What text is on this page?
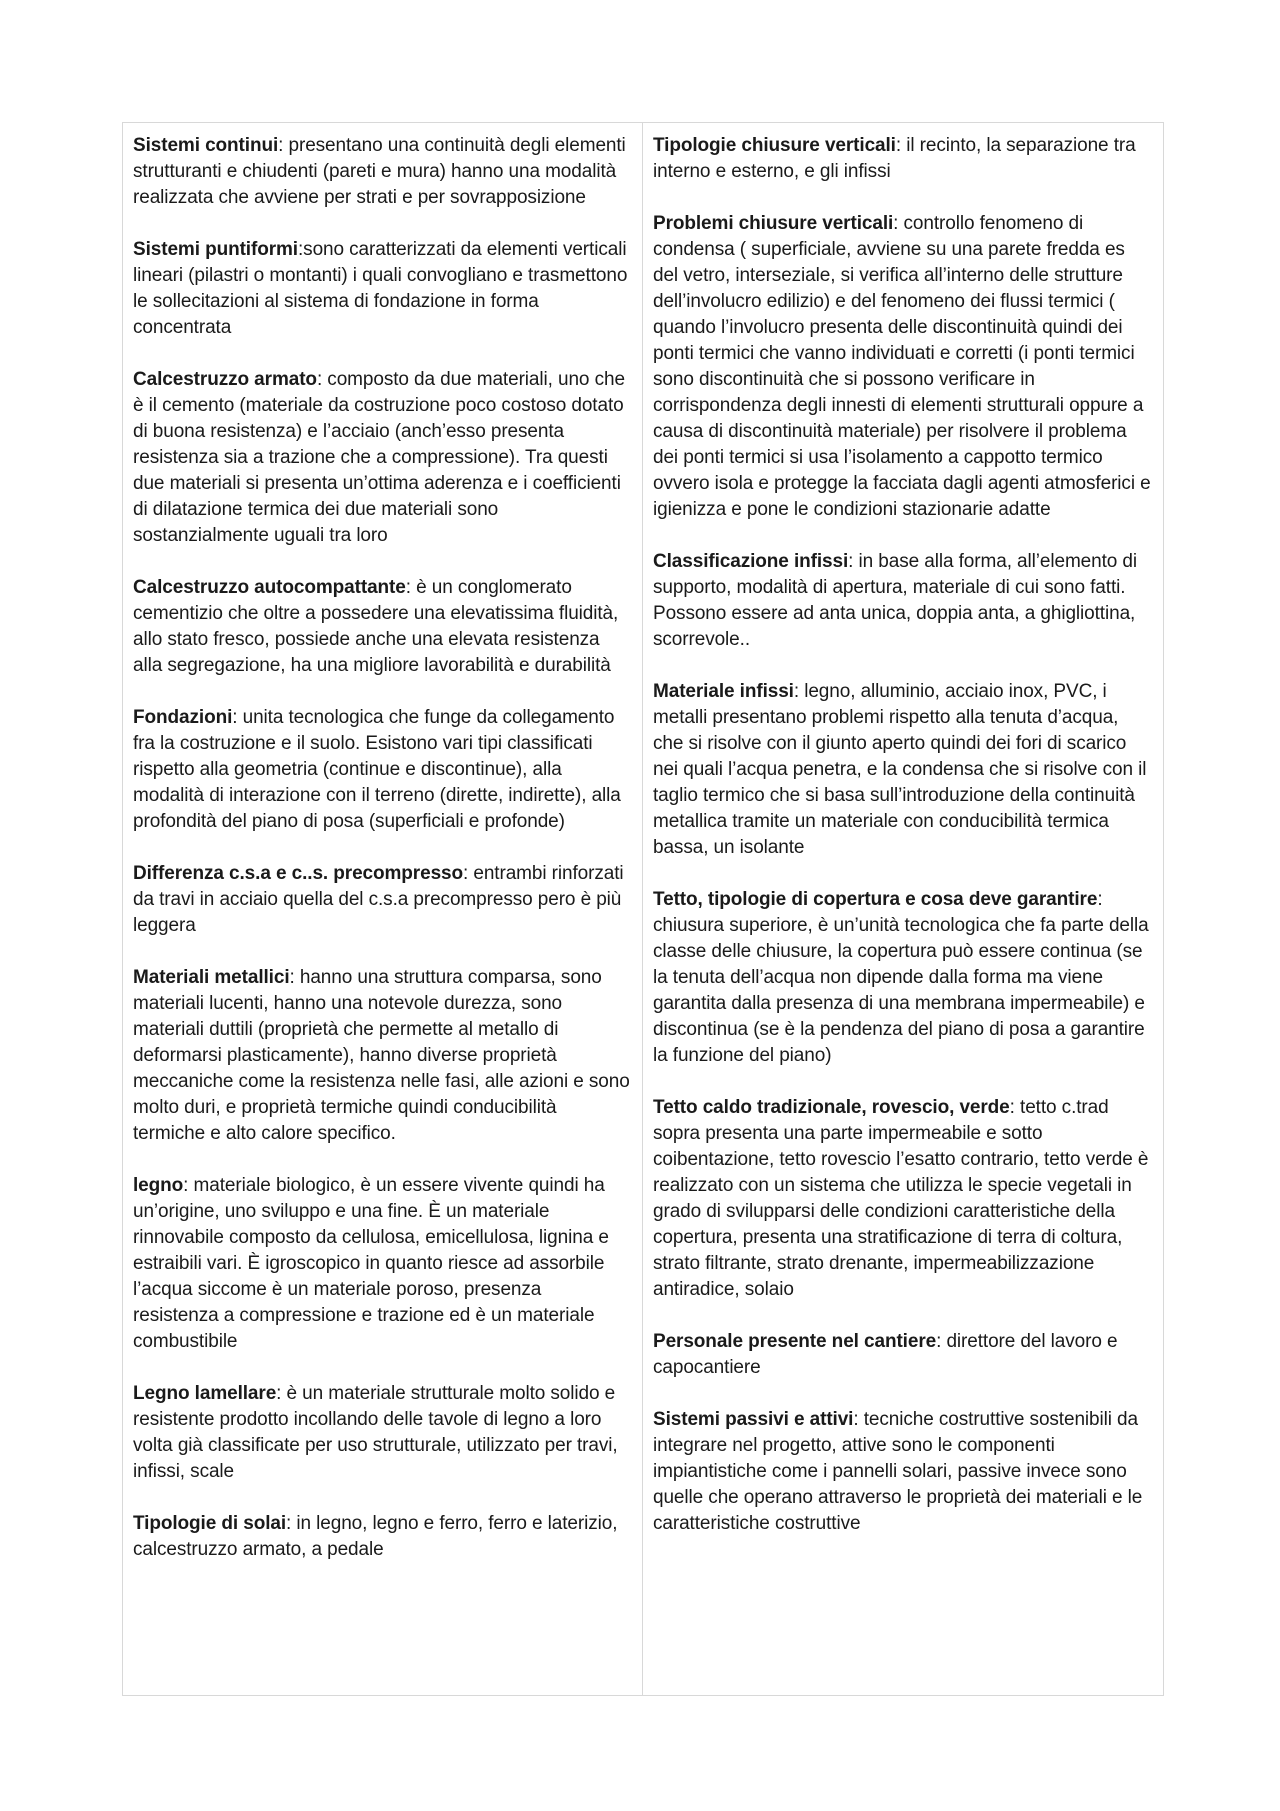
Sistemi continui: presentano una continuità degli elementi strutturanti e chiudenti (pareti e mura) hanno una modalità realizzata che avviene per strati e per sovrapposizione

Sistemi puntiformi:sono caratterizzati da elementi verticali lineari (pilastri o montanti) i quali convogliano e trasmettono le sollecitazioni al sistema di fondazione in forma concentrata

Calcestruzzo armato: composto da due materiali, uno che è il cemento (materiale da costruzione poco costoso dotato di buona resistenza) e l’acciaio (anch’esso presenta resistenza sia a trazione che a compressione). Tra questi due materiali si presenta un’ottima aderenza e i coefficienti di dilatazione termica dei due materiali sono sostanzialmente uguali tra loro

Calcestruzzo autocompattante: è un conglomerato cementizio che oltre a possedere una elevatissima fluidità, allo stato fresco, possiede anche una elevata resistenza alla segregazione, ha una migliore lavorabilità e durabilità

Fondazioni: unita tecnologica che funge da collegamento fra la costruzione e il suolo. Esistono vari tipi classificati rispetto alla geometria (continue e discontinue), alla modalità di interazione con il terreno (dirette, indirette), alla profondità del piano di posa (superficiali e profonde)

Differenza c.s.a e c..s. precompresso: entrambi rinforzati da travi in acciaio quella del c.s.a precompresso pero è più leggera

Materiali metallici: hanno una struttura comparsa, sono materiali lucenti, hanno una notevole durezza, sono materiali duttili (proprietà che permette al metallo di deformarsi plasticamente), hanno diverse proprietà meccaniche come la resistenza nelle fasi, alle azioni e sono molto duri, e proprietà termiche quindi conducibilità termiche e alto calore specifico.

legno: materiale biologico, è un essere vivente quindi ha un’origine, uno sviluppo e una fine. È un materiale rinnovabile composto da cellulosa, emicellulosa, lignina e estraibili vari. È igroscopico in quanto riesce ad assorbile l’acqua siccome è un materiale poroso, presenza resistenza a compressione e trazione ed è un materiale combustibile

Legno lamellare: è un materiale strutturale molto solido e resistente prodotto incollando delle tavole di legno a loro volta già classificate per uso strutturale, utilizzato per travi, infissi, scale

Tipologie di solai: in legno, legno e ferro, ferro e laterizio, calcestruzzo armato, a pedale

Tipologie chiusure verticali: il recinto, la separazione tra interno e esterno, e gli infissi

Problemi chiusure verticali: controllo fenomeno di condensa ( superficiale, avviene su una parete fredda es del vetro, interseziale, si verifica all’interno delle strutture dell’involucro edilizio) e del fenomeno dei flussi termici ( quando l’involucro presenta delle discontinuità quindi dei ponti termici che vanno individuati e corretti (i ponti termici sono discontinuità che si possono verificare in corrispondenza degli innesti di elementi strutturali oppure a causa di discontinuità materiale) per risolvere il problema dei ponti termici si usa l’isolamento a cappotto termico ovvero isola e protegge la facciata dagli agenti atmosferici e igienizza e pone le condizioni stazionarie adatte

Classificazione infissi: in base alla forma, all’elemento di supporto, modalità di apertura, materiale di cui sono fatti. Possono essere ad anta unica, doppia anta, a ghigliottina, scorrevole..

Materiale infissi: legno, alluminio, acciaio inox, PVC, i metalli presentano problemi rispetto alla tenuta d’acqua, che si risolve con il giunto aperto quindi dei fori di scarico nei quali l’acqua penetra, e la condensa che si risolve con il taglio termico che si basa sull’introduzione della continuità metallica tramite un materiale con conducibilità termica bassa, un isolante

Tetto, tipologie di copertura e cosa deve garantire: chiusura superiore, è un’unità tecnologica che fa parte della classe delle chiusure, la copertura può essere continua (se la tenuta dell’acqua non dipende dalla forma ma viene garantita dalla presenza di una membrana impermeabile) e discontinua (se è la pendenza del piano di posa a garantire la funzione del piano)

Tetto caldo tradizionale, rovescio, verde: tetto c.trad sopra presenta una parte impermeabile e sotto coibentazione, tetto rovescio l’esatto contrario, tetto verde è realizzato con un sistema che utilizza le specie vegetali in grado di svilupparsi delle condizioni caratteristiche della copertura, presenta una stratificazione di terra di coltura, strato filtrante, strato drenante, impermeabilizzazione antiradice, solaio

Personale presente nel cantiere: direttore del lavoro e capocantiere

Sistemi passivi e attivi: tecniche costruttive sostenibili da integrare nel progetto, attive sono le componenti impiantistiche come i pannelli solari, passive invece sono quelle che operano attraverso le proprietà dei materiali e le caratteristiche costruttive
